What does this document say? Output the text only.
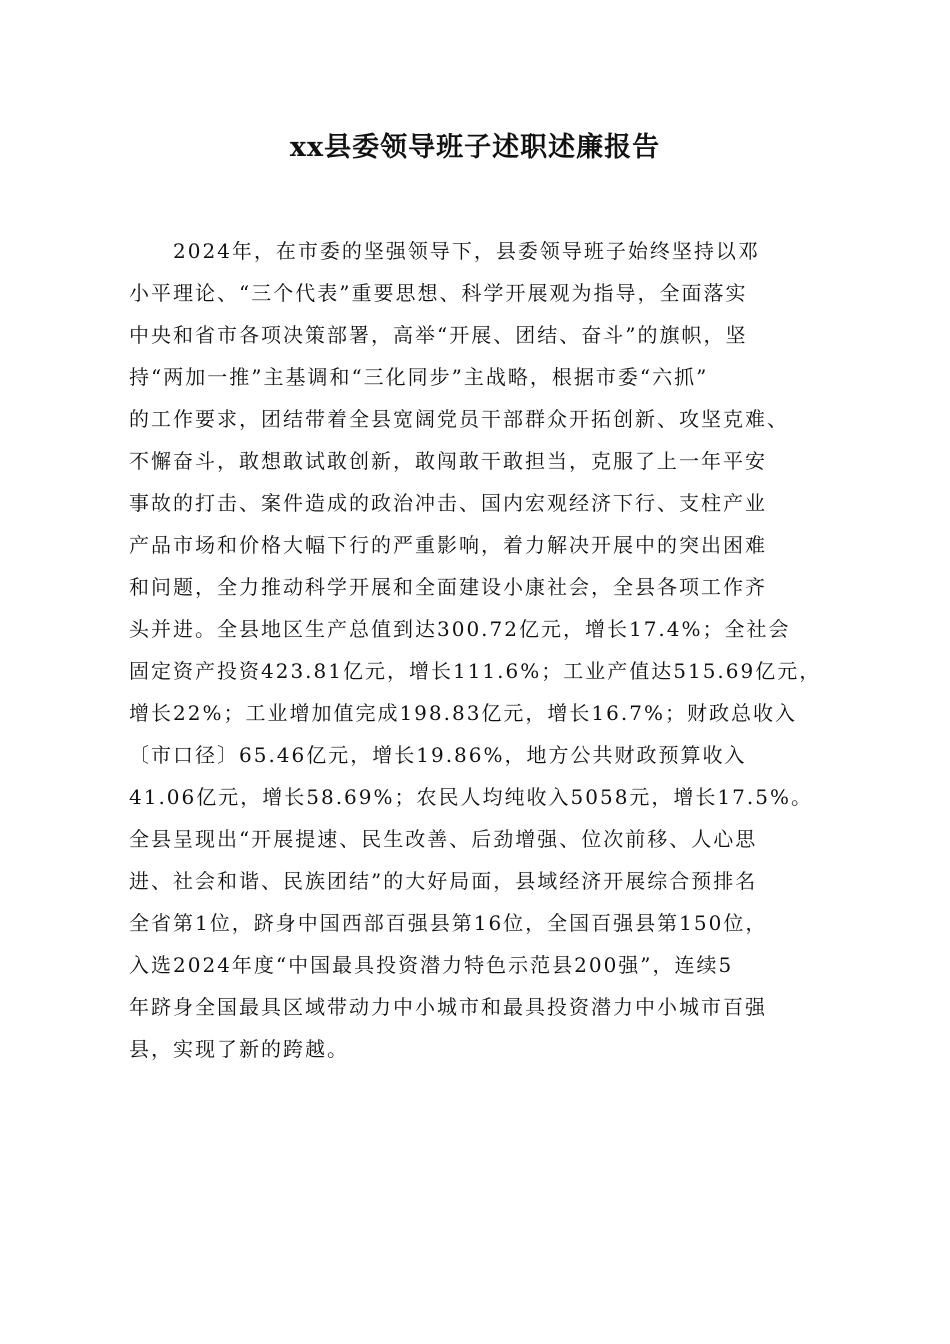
xx县委领导班子述职述廉报告
2024年，在市委的坚强领导下，县委领导班子始终坚持以邓
小平理论、“三个代表”重要思想、科学开展观为指导，全面落实
中央和省市各项决策部署，高举“开展、团结、奋斗”的旗帜，坚
持“两加一推”主基调和“三化同步”主战略，根据市委“六抓”
的工作要求，团结带着全县宽阔党员干部群众开拓创新、攻坚克难、
不懈奋斗，敢想敢试敢创新，敢闯敢干敢担当，克服了上一年平安
事故的打击、案件造成的政治冲击、国内宏观经济下行、支柱产业
产品市场和价格大幅下行的严重影响，着力解决开展中的突出困难
和问题，全力推动科学开展和全面建设小康社会，全县各项工作齐
头并进。全县地区生产总值到达300.72亿元，增长17.4%；全社会
固定资产投资423.81亿元，增长111.6%；工业产值达515.69亿元，
增长22%；工业增加值完成198.83亿元，增长16.7%；财政总收入
〔市口径〕65.46亿元，增长19.86%，地方公共财政预算收入
41.06亿元，增长58.69%；农民人均纯收入5058元，增长17.5%。
全县呈现出“开展提速、民生改善、后劲增强、位次前移、人心思
进、社会和谐、民族团结”的大好局面，县域经济开展综合预排名
全省第1位，跻身中国西部百强县第16位，全国百强县第150位，
入选2024年度“中国最具投资潜力特色示范县200强”，连续5
年跻身全国最具区域带动力中小城市和最具投资潜力中小城市百强
县，实现了新的跨越。
